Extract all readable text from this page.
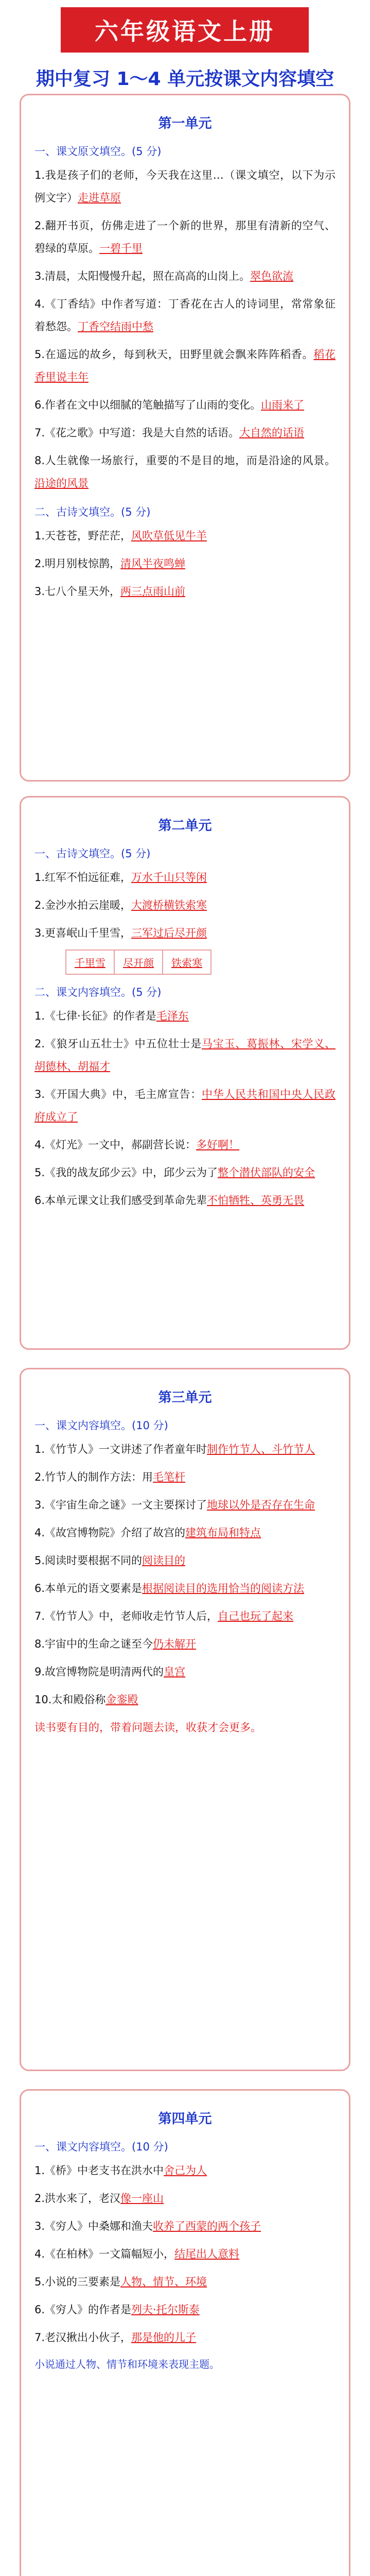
六年级语文上册
期中复习 1～4 单元按课文内容填空
第一单元
一、课文原文填空。(5 分)
1.我是孩子们的老师，今天我在这里…（课文填空，以下为示例文字）走进草原
2.翻开书页，仿佛走进了一个新的世界，那里有清新的空气、碧绿的草原。一碧千里
3.清晨，太阳慢慢升起，照在高高的山岗上。翠色欲流
4.《丁香结》中作者写道：丁香花在古人的诗词里，常常象征着愁怨。丁香空结雨中愁
5.在遥远的故乡，每到秋天，田野里就会飘来阵阵稻香。稻花香里说丰年
6.作者在文中以细腻的笔触描写了山雨的变化。山雨来了
7.《花之歌》中写道：我是大自然的话语。大自然的话语
8.人生就像一场旅行，重要的不是目的地，而是沿途的风景。沿途的风景
二、古诗文填空。(5 分)
1.天苍苍，野茫茫，风吹草低见牛羊
2.明月别枝惊鹊，清风半夜鸣蝉
3.七八个星天外，两三点雨山前
第二单元
一、古诗文填空。(5 分)
1.红军不怕远征难，万水千山只等闲
2.金沙水拍云崖暖，大渡桥横铁索寒
3.更喜岷山千里雪，三军过后尽开颜
千里雪	尽开颜	铁索寒
二、课文内容填空。(5 分)
1.《七律·长征》的作者是毛泽东
2.《狼牙山五壮士》中五位壮士是马宝玉、葛振林、宋学义、胡德林、胡福才
3.《开国大典》中，毛主席宣告：中华人民共和国中央人民政府成立了
4.《灯光》一文中，郝副营长说：多好啊！
5.《我的战友邱少云》中，邱少云为了整个潜伏部队的安全
6.本单元课文让我们感受到革命先辈不怕牺牲、英勇无畏
第三单元
一、课文内容填空。(10 分)
1.《竹节人》一文讲述了作者童年时制作竹节人、斗竹节人
2.竹节人的制作方法：用毛笔杆
3.《宇宙生命之谜》一文主要探讨了地球以外是否存在生命
4.《故宫博物院》介绍了故宫的建筑布局和特点
5.阅读时要根据不同的阅读目的
6.本单元的语文要素是根据阅读目的选用恰当的阅读方法
7.《竹节人》中，老师收走竹节人后，自己也玩了起来
8.宇宙中的生命之谜至今仍未解开
9.故宫博物院是明清两代的皇宫
10.太和殿俗称金銮殿
读书要有目的，带着问题去读，收获才会更多。
第四单元
一、课文内容填空。(10 分)
1.《桥》中老支书在洪水中舍己为人
2.洪水来了，老汉像一座山
3.《穷人》中桑娜和渔夫收养了西蒙的两个孩子
4.《在柏林》一文篇幅短小，结尾出人意料
5.小说的三要素是人物、情节、环境
6.《穷人》的作者是列夫·托尔斯泰
7.老汉揪出小伙子，那是他的儿子
小说通过人物、情节和环境来表现主题。
